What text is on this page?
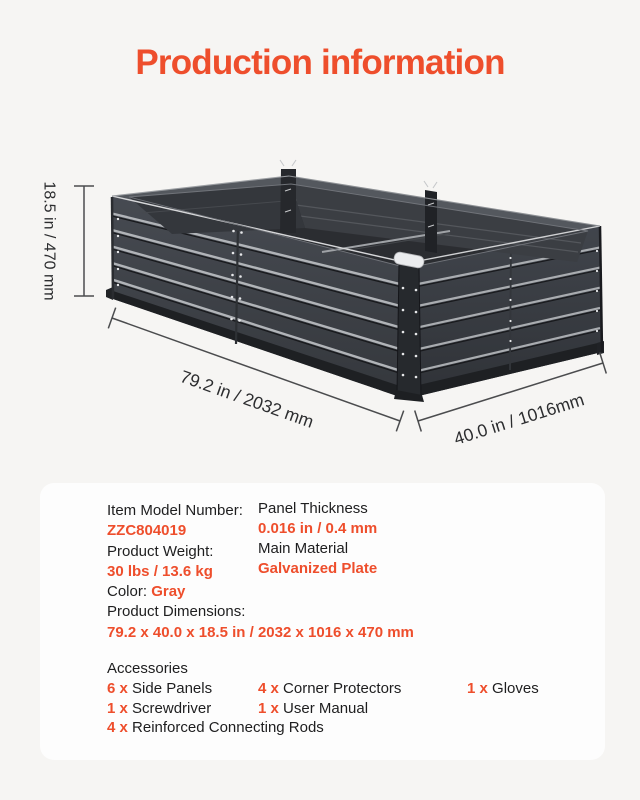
Production information
18.5 in / 470 mm
79.2 in / 2032 mm	40.0 in / 1016mm
Item Model Number:
ZZC804019
Product Weight:
30 lbs / 13.6 kg
Color: Gray
Product Dimensions:
79.2 x 40.0 x 18.5 in / 2032 x 1016 x 470 mm
Panel Thickness
0.016 in / 0.4 mm
Main Material
Galvanized Plate
Accessories
6 x Side Panels	4 x Corner Protectors	1 x Gloves
1 x Screwdriver	1 x User Manual
4 x Reinforced Connecting Rods
